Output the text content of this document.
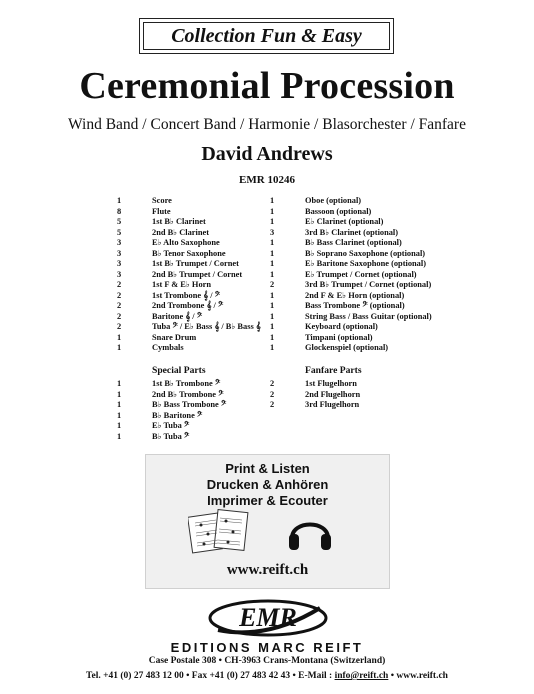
Collection Fun & Easy
Ceremonial Procession
Wind Band / Concert Band / Harmonie / Blasorchester / Fanfare
David Andrews
EMR 10246
1	Score
8	Flute
5	1st B♭ Clarinet
5	2nd B♭ Clarinet
3	E♭ Alto Saxophone
3	B♭ Tenor Saxophone
3	1st B♭ Trumpet / Cornet
3	2nd B♭ Trumpet / Cornet
2	1st F & E♭ Horn
2	1st Trombone 𝄞 / 𝄢
2	2nd Trombone 𝄞 / 𝄢
2	Baritone 𝄞 / 𝄢
2	Tuba 𝄢 / E♭ Bass 𝄞 / B♭ Bass 𝄞
1	Snare Drum
1	Cymbals
1	Oboe (optional)
1	Bassoon (optional)
1	E♭ Clarinet (optional)
3	3rd B♭ Clarinet (optional)
1	B♭ Bass Clarinet (optional)
1	B♭ Soprano Saxophone (optional)
1	E♭ Baritone Saxophone (optional)
1	E♭ Trumpet / Cornet (optional)
2	3rd B♭ Trumpet / Cornet (optional)
1	2nd F & E♭ Horn (optional)
1	Bass Trombone 𝄢 (optional)
1	String Bass / Bass Guitar (optional)
1	Keyboard (optional)
1	Timpani (optional)
1	Glockenspiel (optional)
Special Parts
1	1st B♭ Trombone 𝄢
1	2nd B♭ Trombone 𝄢
1	B♭ Bass Trombone 𝄢
1	B♭ Baritone 𝄢
1	E♭ Tuba 𝄢
1	B♭ Tuba 𝄢
Fanfare Parts
2	1st Flugelhorn
2	2nd Flugelhorn
2	3rd Flugelhorn
Print & Listen
Drucken & Anhören
Imprimer & Ecouter
www.reift.ch
EMR
EDITIONS MARC REIFT
Case Postale 308 • CH-3963 Crans-Montana (Switzerland)
Tel. +41 (0) 27 483 12 00 • Fax +41 (0) 27 483 42 43 • E-Mail : info@reift.ch • www.reift.ch
